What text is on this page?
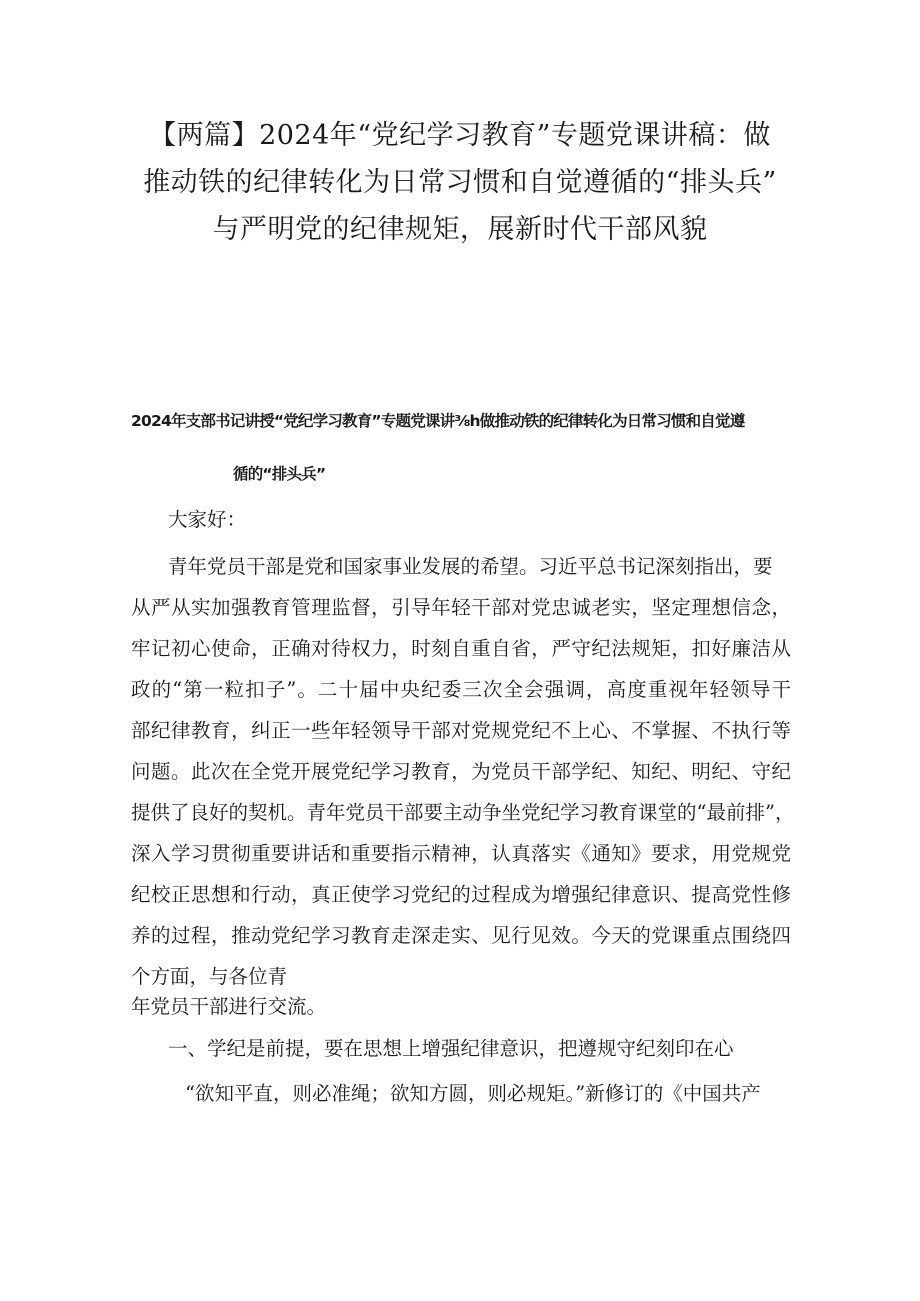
【两篇】2024年“党纪学习教育”专题党课讲稿：做
推动铁的纪律转化为日常习惯和自觉遵循的“排头兵”
与严明党的纪律规矩，展新时代干部风貌
2024年支部书记讲授“党纪学习教育”专题党课讲⅜h做推动铁的纪律转化为日常习惯和自觉遵
循的“排头兵”
大家好：
青年党员干部是党和国家事业发展的希望。习近平总书记深刻指出，要
从严从实加强教育管理监督，引导年轻干部对党忠诚老实，坚定理想信念，
牢记初心使命，正确对待权力，时刻自重自省，严守纪法规矩，扣好廉洁从
政的“第一粒扣子”。二十届中央纪委三次全会强调，高度重视年轻领导干
部纪律教育，纠正一些年轻领导干部对党规党纪不上心、不掌握、不执行等
问题。此次在全党开展党纪学习教育，为党员干部学纪、知纪、明纪、守纪
提供了良好的契机。青年党员干部要主动争坐党纪学习教育课堂的“最前排”，
深入学习贯彻重要讲话和重要指示精神，认真落实《通知》要求，用党规党
纪校正思想和行动，真正使学习党纪的过程成为增强纪律意识、提高党性修
养的过程，推动党纪学习教育走深走实、见行见效。今天的党课重点围绕四
个方面，与各位青
年党员干部进行交流。
一、学纪是前提，要在思想上增强纪律意识，把遵规守纪刻印在心
“欲知平直，则必准绳；欲知方圆，则必规矩。”新修订的《中国共产
